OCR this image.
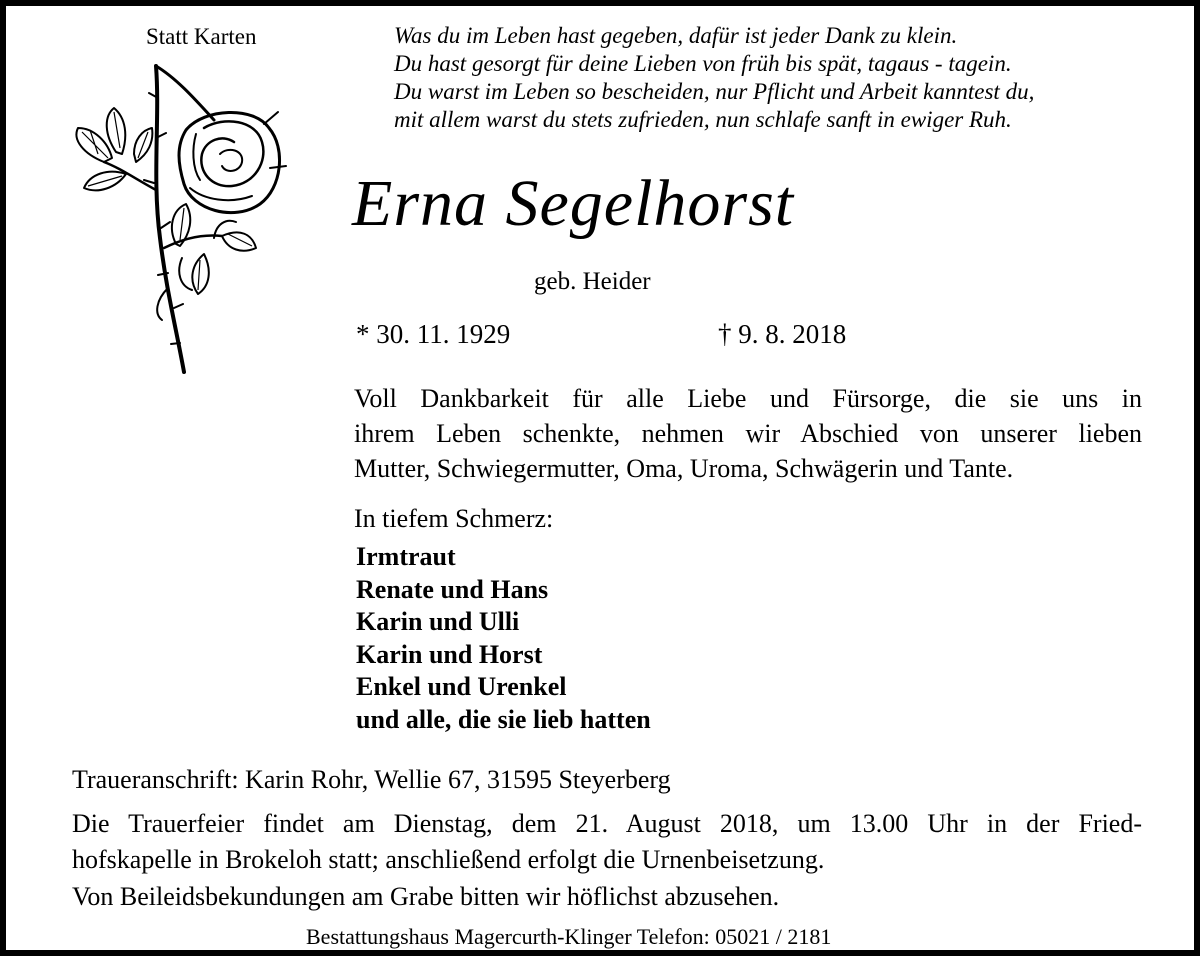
Statt Karten	Was du im Leben hast gegeben, dafür ist jeder Dank zu klein.
Du hast gesorgt für deine Lieben von früh bis spät, tagaus - tagein.
Du warst im Leben so bescheiden, nur Pflicht und Arbeit kanntest du,
mit allem warst du stets zufrieden, nun schlafe sanft in ewiger Ruh.
Erna Segelhorst
geb. Heider
* 30. 11. 1929	† 9. 8. 2018
Voll Dankbarkeit für alle Liebe und Fürsorge, die sie uns in
ihrem Leben schenkte, nehmen wir Abschied von unserer lieben
Mutter, Schwiegermutter, Oma, Uroma, Schwägerin und Tante.
In tiefem Schmerz:
Irmtraut
Renate und Hans
Karin und Ulli
Karin und Horst
Enkel und Urenkel
und alle, die sie lieb hatten
Traueranschrift: Karin Rohr, Wellie 67, 31595 Steyerberg
Die Trauerfeier findet am Dienstag, dem 21. August 2018, um 13.00 Uhr in der Fried-
hofskapelle in Brokeloh statt; anschließend erfolgt die Urnenbeisetzung.
Von Beileidsbekundungen am Grabe bitten wir höflichst abzusehen.
Bestattungshaus Magercurth-Klinger Telefon: 05021 / 2181
